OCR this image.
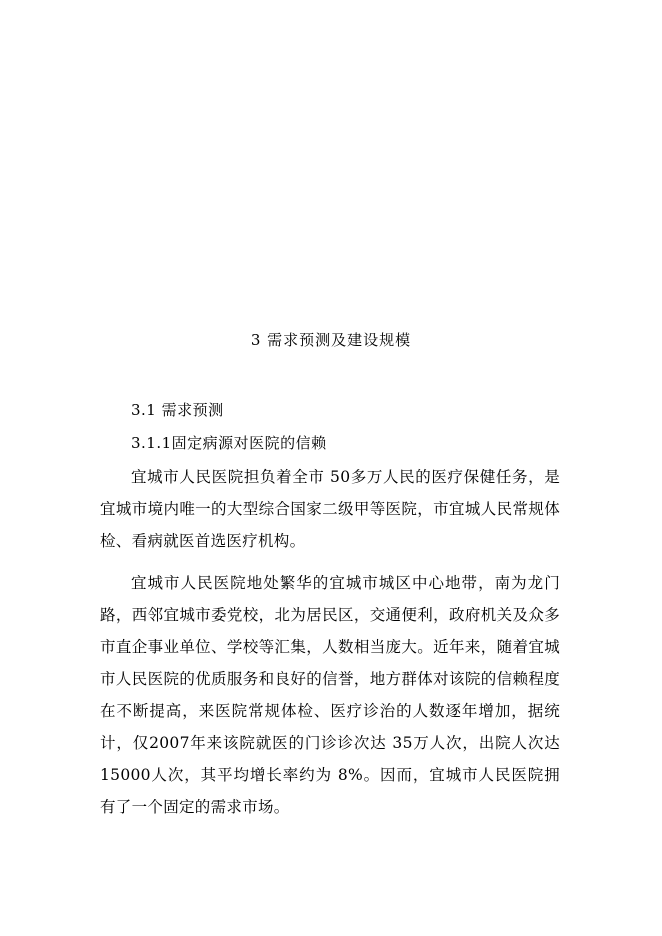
3 需求预测及建设规模
3.1 需求预测
3.1.1固定病源对医院的信赖

宜城市人民医院担负着全市 50多万人民的医疗保健任务，是宜城市境内唯一的大型综合国家二级甲等医院，市宜城人民常规体检、看病就医首选医疗机构。

宜城市人民医院地处繁华的宜城市城区中心地带，南为龙门路，西邻宜城市委党校，北为居民区，交通便利，政府机关及众多市直企事业单位、学校等汇集，人数相当庞大。近年来，随着宜城市人民医院的优质服务和良好的信誉，地方群体对该院的信赖程度在不断提高，来医院常规体检、医疗诊治的人数逐年增加，据统计，仅2007年来该院就医的门诊诊次达 35万人次，出院人次达 15000人次，其平均增长率约为 8%。因而，宜城市人民医院拥有了一个固定的需求市场。
